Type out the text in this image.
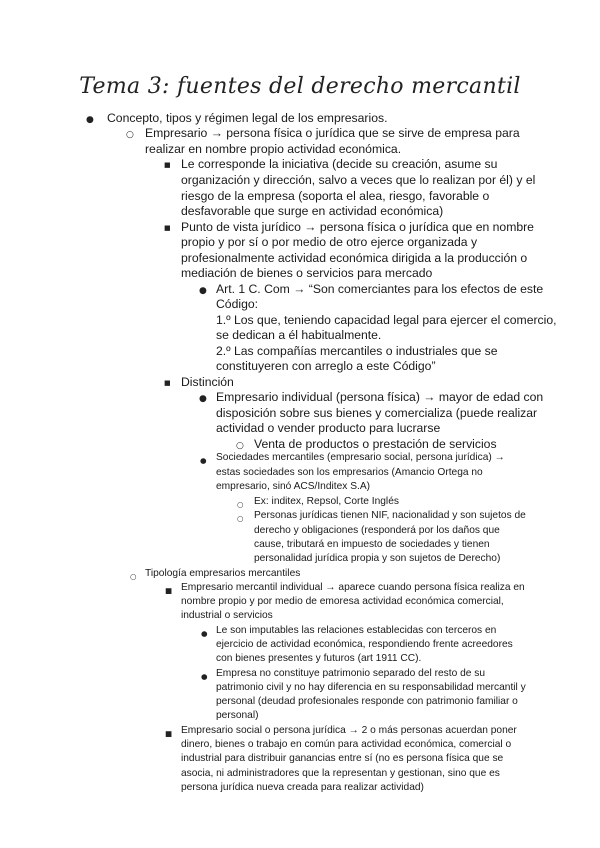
Tema 3: fuentes del derecho mercantil
● Concepto, tipos y régimen legal de los empresarios.
○ Empresario → persona física o jurídica que se sirve de empresa para
realizar en nombre propio actividad económica.
■ Le corresponde la iniciativa (decide su creación, asume su
organización y dirección, salvo a veces que lo realizan por él) y el
riesgo de la empresa (soporta el alea, riesgo, favorable o
desfavorable que surge en actividad económica)
■ Punto de vista jurídico → persona física o jurídica que en nombre
propio y por sí o por medio de otro ejerce organizada y
profesionalmente actividad económica dirigida a la producción o
mediación de bienes o servicios para mercado
● Art. 1 C. Com → “Son comerciantes para los efectos de este
Código:
1.º Los que, teniendo capacidad legal para ejercer el comercio,
se dedican a él habitualmente.
2.º Las compañías mercantiles o industriales que se
constituyeren con arreglo a este Código”
■ Distinción
● Empresario individual (persona física) → mayor de edad con
disposición sobre sus bienes y comercializa (puede realizar
actividad o vender producto para lucrarse
○ Venta de productos o prestación de servicios
● Sociedades mercantiles (empresario social, persona jurídica) →
estas sociedades son los empresarios (Amancio Ortega no
empresario, sinó ACS/Inditex S.A)
○ Ex: inditex, Repsol, Corte Inglés
○ Personas jurídicas tienen NIF, nacionalidad y son sujetos de
derecho y obligaciones (responderá por los daños que
cause, tributará en impuesto de sociedades y tienen
personalidad jurídica propia y son sujetos de Derecho)
○ Tipología empresarios mercantiles
■ Empresario mercantil individual → aparece cuando persona física realiza en
nombre propio y por medio de emoresa actividad económica comercial,
industrial o servicios
● Le son imputables las relaciones establecidas con terceros en
ejercicio de actividad económica, respondiendo frente acreedores
con bienes presentes y futuros (art 1911 CC).
● Empresa no constituye patrimonio separado del resto de su
patrimonio civil y no hay diferencia en su responsabilidad mercantil y
personal (deudad profesionales responde con patrimonio familiar o
personal)
■ Empresario social o persona jurídica → 2 o más personas acuerdan poner
dinero, bienes o trabajo en común para actividad económica, comercial o
industrial para distribuir ganancias entre sí (no es persona física que se
asocia, ni administradores que la representan y gestionan, sino que es
persona jurídica nueva creada para realizar actividad)
